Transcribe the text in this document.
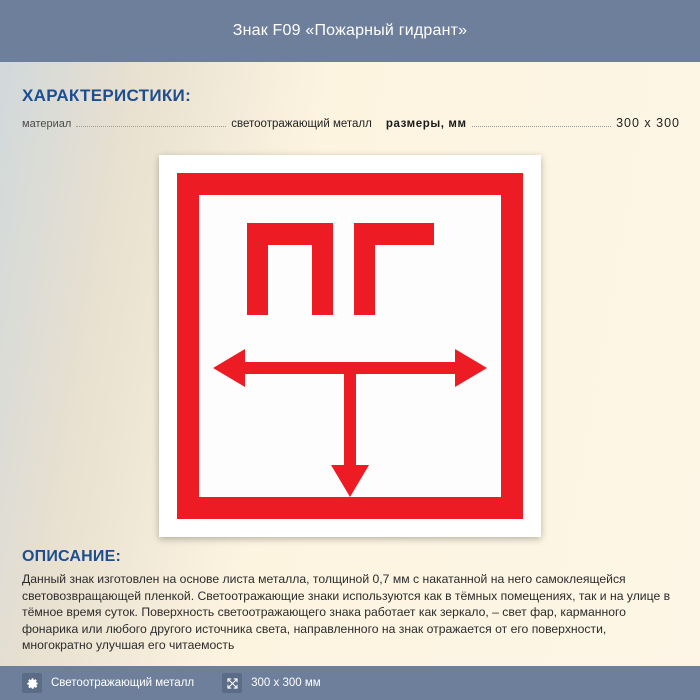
Знак F09 «Пожарный гидрант»
ХАРАКТЕРИСТИКИ:
материал	светоотражающий металл размеры, мм	300 x 300
ОПИСАНИЕ:
Данный знак изготовлен на основе листа металла, толщиной 0,7 мм с накатанной на него самоклеящейся световозвращающей пленкой. Светоотражающие знаки используются как в тёмных помещениях, так и на улице в тёмное время суток. Поверхность светоотражающего знака работает как зеркало, – свет фар, карманного фонарика или любого другого источника света, направленного на знак отражается от его поверхности, многократно улучшая его читаемость
Светоотражающий металл	300 x 300 мм
